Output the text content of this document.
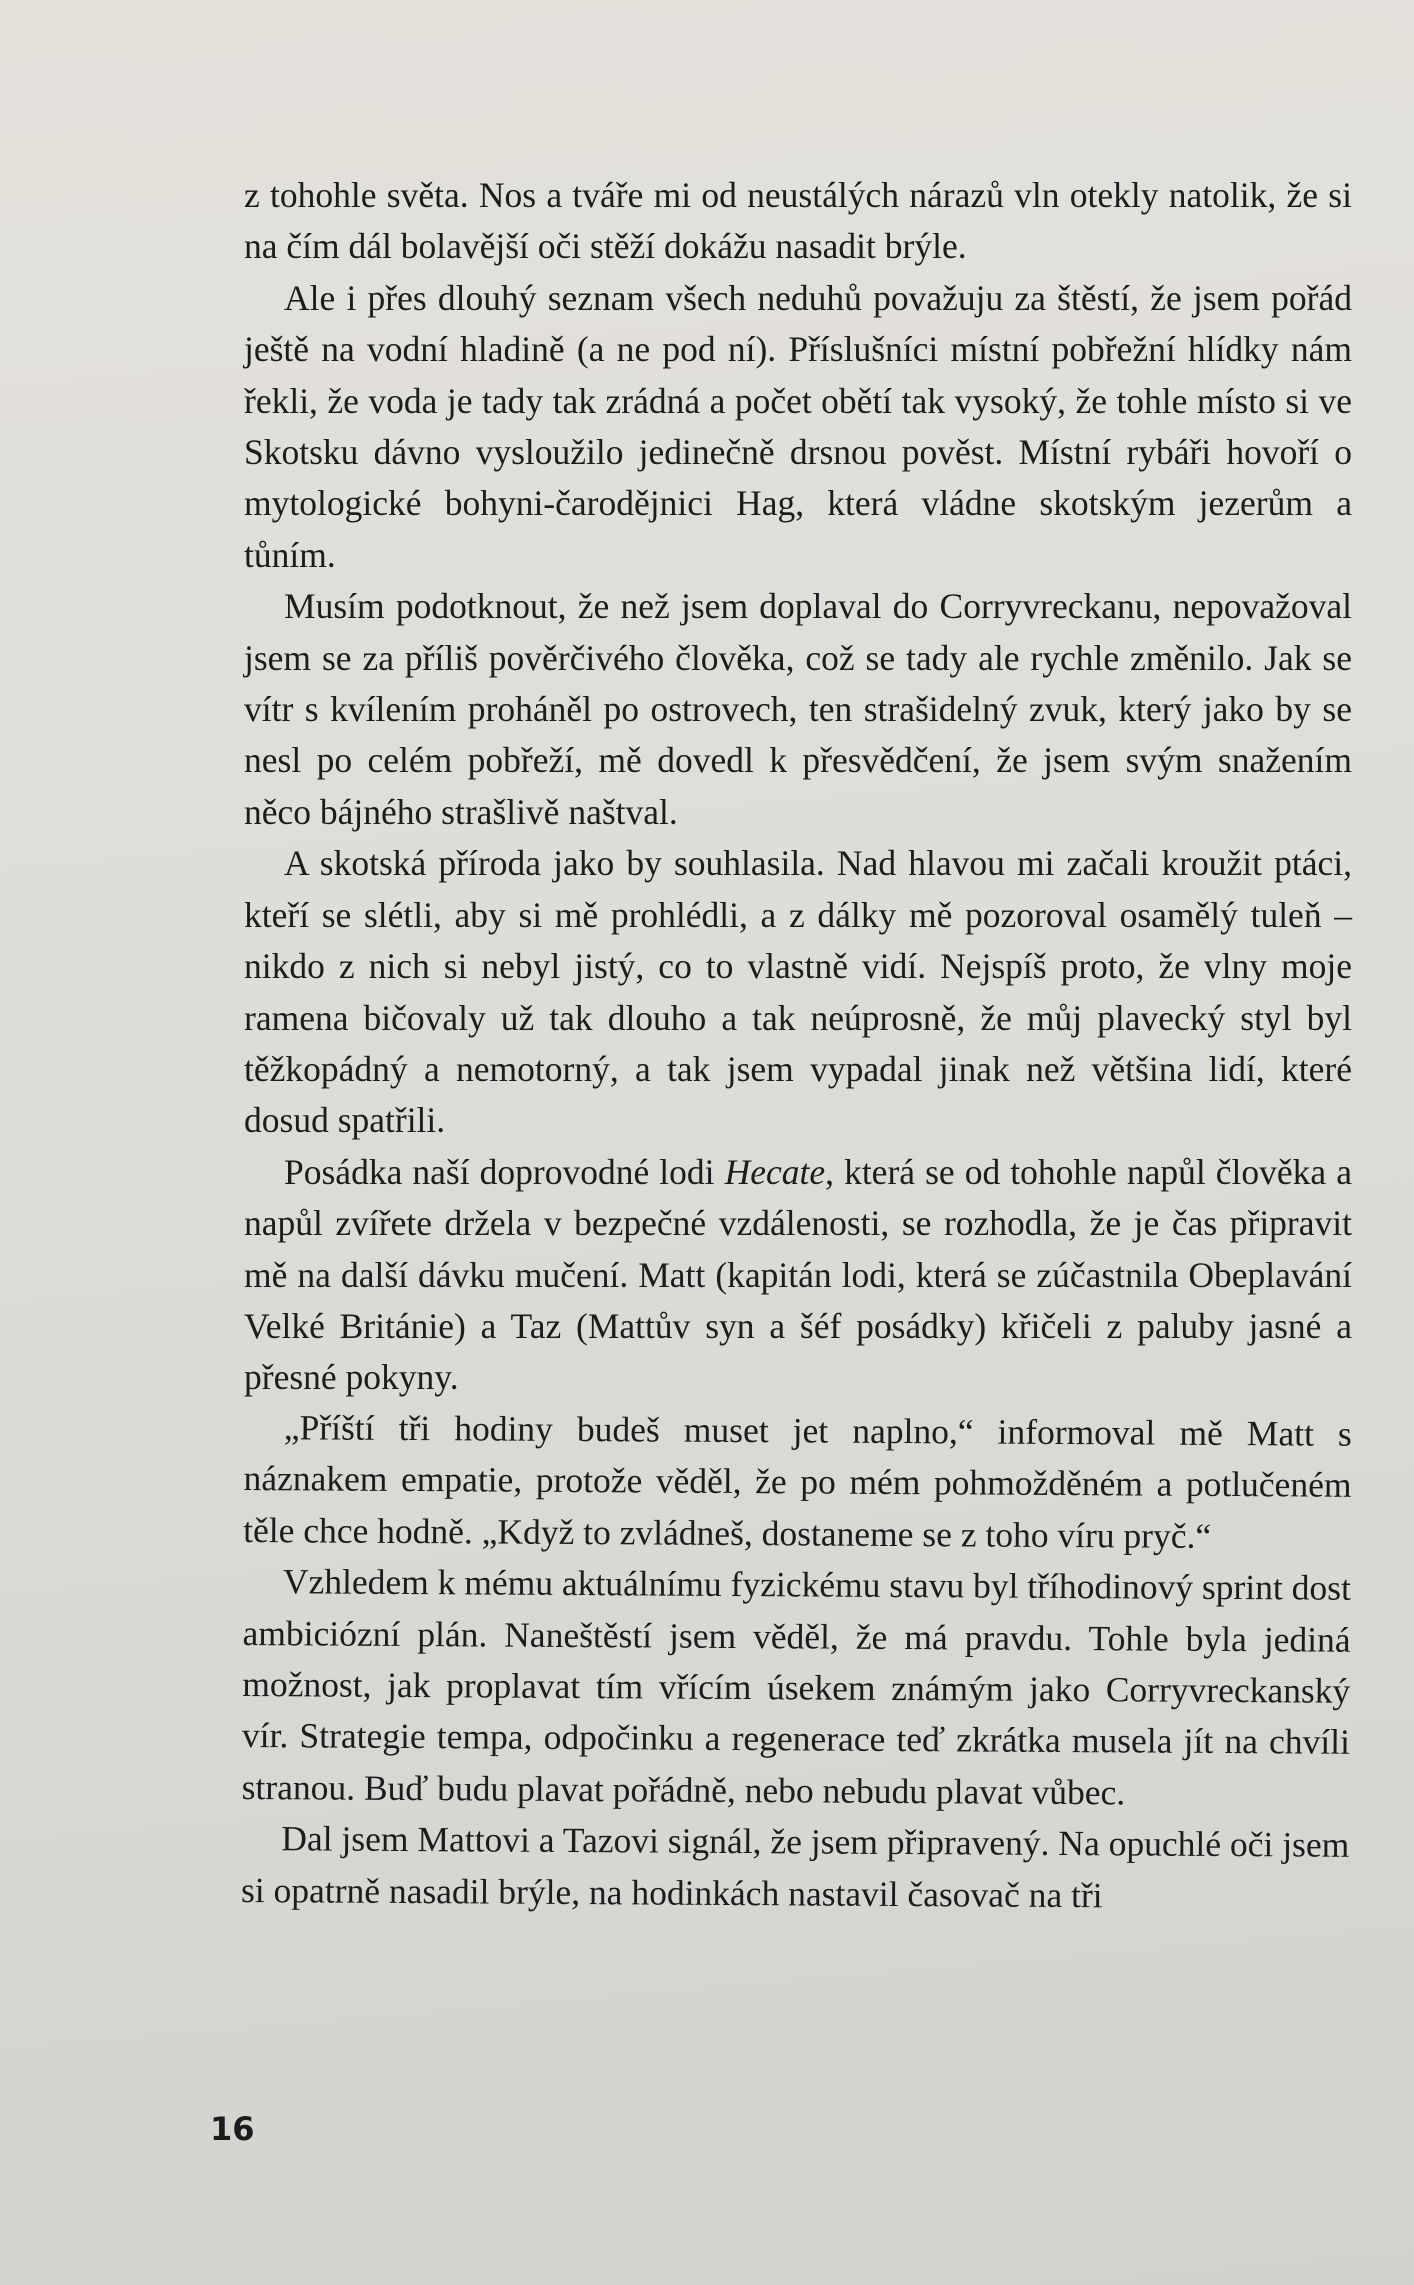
z tohohle světa. Nos a tváře mi od neustálých nárazů vln otekly natolik, že si na čím dál bolavější oči stěží dokážu nasadit brýle.

Ale i přes dlouhý seznam všech neduhů považuju za štěstí, že jsem pořád ještě na vodní hladině (a ne pod ní). Příslušníci místní pobřežní hlídky nám řekli, že voda je tady tak zrádná a počet obětí tak vysoký, že tohle místo si ve Skotsku dávno vysloužilo jedinečně drsnou pověst. Místní rybáři hovoří o mytologické bohyni-čarodějnici Hag, která vládne skotským jezerům a tůním.

Musím podotknout, že než jsem doplaval do Corryvreckanu, nepovažoval jsem se za příliš pověrčivého člověka, což se tady ale rychle změnilo. Jak se vítr s kvílením proháněl po ostrovech, ten strašidelný zvuk, který jako by se nesl po celém pobřeží, mě dovedl k přesvědčení, že jsem svým snažením něco bájného strašlivě naštval.

A skotská příroda jako by souhlasila. Nad hlavou mi začali kroužit ptáci, kteří se slétli, aby si mě prohlédli, a z dálky mě pozoroval osamělý tuleň – nikdo z nich si nebyl jistý, co to vlastně vidí. Nejspíš proto, že vlny moje ramena bičovaly už tak dlouho a tak neúprosně, že můj plavecký styl byl těžkopádný a nemotorný, a tak jsem vypadal jinak než většina lidí, které dosud spatřili.

Posádka naší doprovodné lodi Hecate, která se od tohohle napůl člověka a napůl zvířete držela v bezpečné vzdálenosti, se rozhodla, že je čas připravit mě na další dávku mučení. Matt (kapitán lodi, která se zúčastnila Obeplavání Velké Británie) a Taz (Mattův syn a šéf posádky) křičeli z paluby jasné a přesné pokyny.

„Příští tři hodiny budeš muset jet naplno,“ informoval mě Matt s náznakem empatie, protože věděl, že po mém pohmožděném a potlučeném těle chce hodně. „Když to zvládneš, dostaneme se z toho víru pryč.“

Vzhledem k mému aktuálnímu fyzickému stavu byl tříhodinový sprint dost ambiciózní plán. Naneštěstí jsem věděl, že má pravdu. Tohle byla jediná možnost, jak proplavat tím vřícím úsekem známým jako Corryvreckanský vír. Strategie tempa, odpočinku a regenerace teď zkrátka musela jít na chvíli stranou. Buď budu plavat pořádně, nebo nebudu plavat vůbec.

Dal jsem Mattovi a Tazovi signál, že jsem připravený. Na opuchlé oči jsem si opatrně nasadil brýle, na hodinkách nastavil časovač na tři

16
